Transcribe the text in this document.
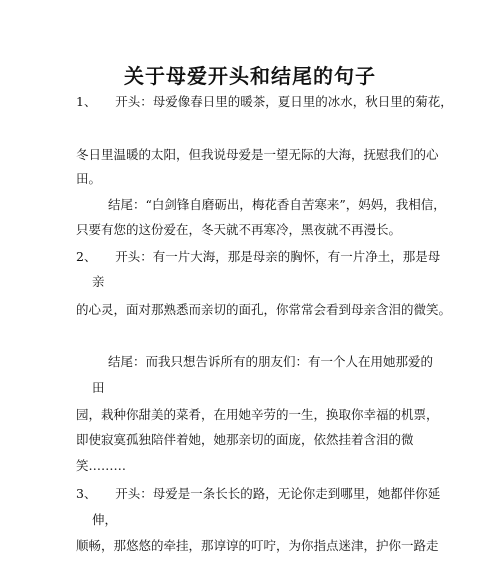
关于母爱开头和结尾的句子
1、　　开头：母爱像春日里的暖茶，夏日里的冰水，秋日里的菊花，
冬日里温暖的太阳，但我说母爱是一望无际的大海，抚慰我们的心
田。
结尾：“白剑锋自磨砺出，梅花香自苦寒来”，妈妈，我相信，
只要有您的这份爱在，冬天就不再寒冷，黑夜就不再漫长。
2、　　开头：有一片大海，那是母亲的胸怀，有一片净土，那是母
亲
的心灵，面对那熟悉而亲切的面孔，你常常会看到母亲含泪的微笑。
结尾：而我只想告诉所有的朋友们：有一个人在用她那爱的
田
园，栽种你甜美的菜肴，在用她辛劳的一生，换取你幸福的机票，
即使寂寞孤独陪伴着她，她那亲切的面庞，依然挂着含泪的微
笑………
3、　　开头：母爱是一条长长的路，无论你走到哪里，她都伴你延
伸，
顺畅，那悠悠的牵挂，那谆谆的叮咛，为你指点迷津，护你一路走
